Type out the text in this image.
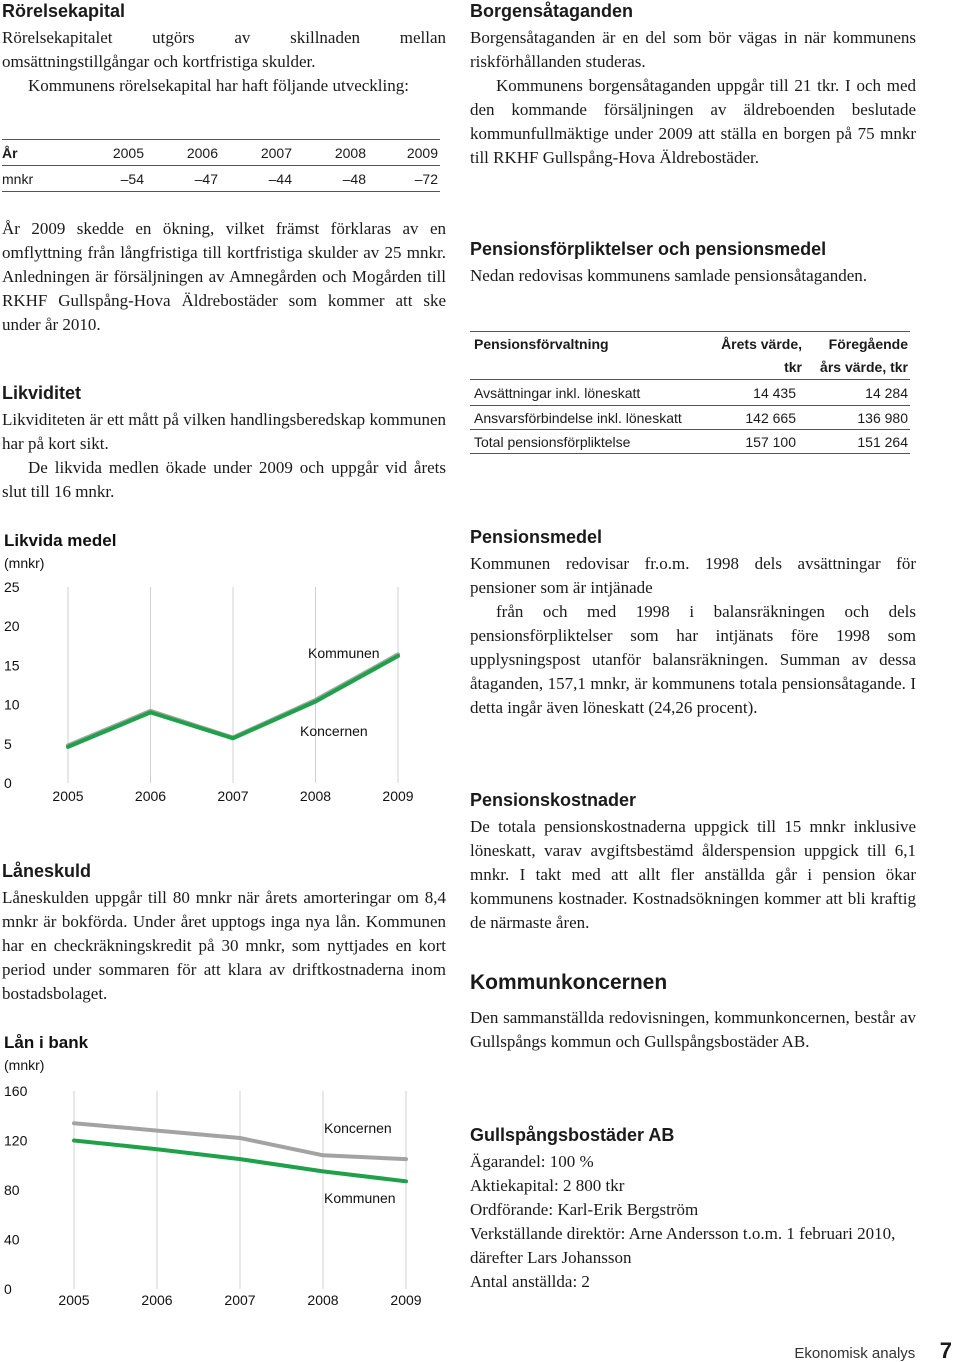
Rörelsekapital

Rörelsekapitalet utgörs av skillnaden mellan omsättningstillgångar och kortfristiga skulder.

Kommunens rörelsekapital har haft följande utveckling:

År	2005	2006	2007	2008	2009
mnkr	–54	–47	–44	–48	–72
År 2009 skedde en ökning, vilket främst förklaras av en omflyttning från långfristiga till kortfristiga skulder av 25 mnkr. Anledningen är försäljningen av Amnegården och Mogården till RKHF Gullspång-Hova Äldrebostäder som kommer att ske under år 2010.
Likviditet

Likviditeten är ett mått på vilken handlingsberedskap kommunen har på kort sikt.

De likvida medlen ökade under 2009 och uppgår vid årets slut till 16 mnkr.

Likvida medel
(mnkr)
0
5
10
15
20
25
2005	2006	2007	2008	2009
Kommunen
Koncernen
Låneskuld
Låneskulden uppgår till 80 mnkr när årets amorteringar om 8,4 mnkr är bokförda. Under året upptogs inga nya lån. Kommunen har en checkräkningskredit på 30 mnkr, som nyttjades en kort period under sommaren för att klara av driftkostnaderna inom bostadsbolaget.
Lån i bank
(mnkr)
0
40
80
120
160
2005	2006	2007	2008	2009
Koncernen
Kommunen
Borgensåtaganden

Borgensåtaganden är en del som bör vägas in när kommunens riskförhållanden studeras.

Kommunens borgensåtaganden uppgår till 21 tkr. I och med den kommande försäljningen av äldreboenden beslutade kommunfullmäktige under 2009 att ställa en borgen på 75 mnkr till RKHF Gullspång-Hova Äldrebostäder.

Pensionsförpliktelser och pensionsmedel
Nedan redovisas kommunens samlade pensionsåtaganden.
Pensionsförvaltning	Årets värde,	Föregående
	tkr	års värde, tkr
Avsättningar inkl. löneskatt	14 435	14 284
Ansvarsförbindelse inkl. löneskatt	142 665	136 980
Total pensionsförpliktelse	157 100	151 264
Pensionsmedel

Kommunen redovisar fr.o.m. 1998 dels avsättningar för pensioner som är intjänade

från och med 1998 i balansräkningen och dels pensionsförpliktelser som har intjänats före 1998 som upplysningspost utanför balansräkningen. Summan av dessa åtaganden, 157,1 mnkr, är kommunens totala pensionsåtagande. I detta ingår även löneskatt (24,26 procent).

Pensionskostnader
De totala pensionskostnaderna uppgick till 15 mnkr inklusive löneskatt, varav avgiftsbestämd ålderspension uppgick till 6,1 mnkr. I takt med att allt fler anställda går i pension ökar kommunens kostnader. Kostnadsökningen kommer att bli kraftig de närmaste åren.
Kommunkoncernen
Den sammanställda redovisningen, kommunkoncernen, består av Gullspångs kommun och Gullspångsbostäder AB.
Gullspångsbostäder AB

Ägarandel: 100 %

Aktiekapital: 2 800 tkr

Ordförande: Karl-Erik Bergström

Verkställande direktör: Arne Andersson t.o.m. 1 februari 2010, därefter Lars Johansson

Antal anställda: 2

Ekonomisk analys 7
